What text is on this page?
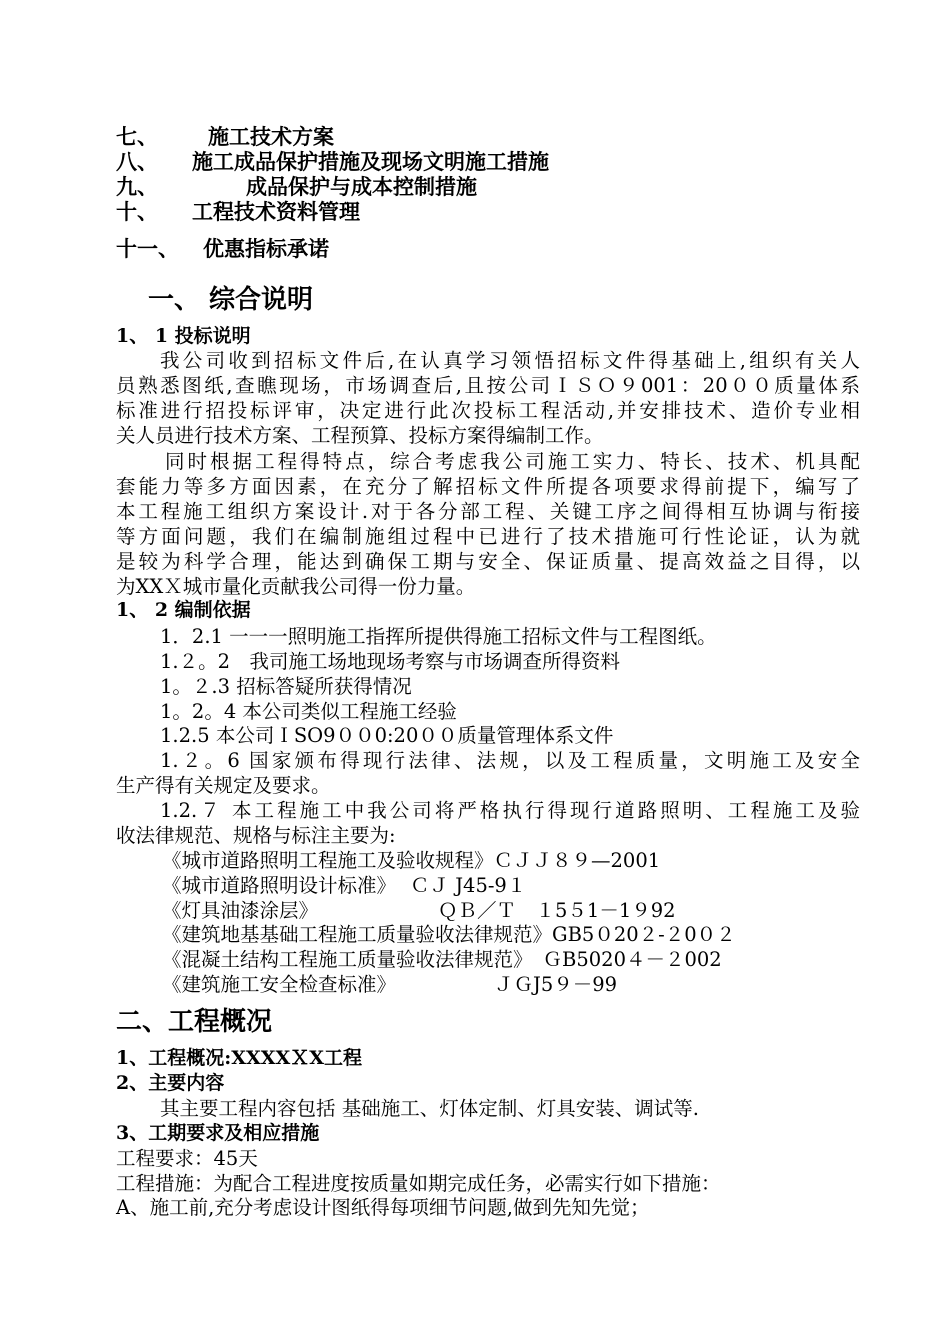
七、 施工技术方案
八、 施工成品保护措施及现场文明施工措施
九、	成品保护与成本控制措施
十、 工程技术资料管理
十一、 优惠指标承诺
一、 综合说明
1、 1 投标说明
我公司收到招标文件后,在认真学习领悟招标文件得基础上,组织有关人
员熟悉图纸,查瞧现场，市场调查后,且按公司ＩＳＯ９001：20００质量体系
标准进行招投标评审，决定进行此次投标工程活动,并安排技术、造价专业相
关人员进行技术方案、工程预算、投标方案得编制工作。
同时根据工程得特点，综合考虑我公司施工实力、特长、技术、机具配
套能力等多方面因素，在充分了解招标文件所提各项要求得前提下，编写了
本工程施工组织方案设计.对于各分部工程、关键工序之间得相互协调与衔接
等方面问题，我们在编制施组过程中已进行了技术措施可行性论证，认为就
是较为科学合理，能达到确保工期与安全、保证质量、提高效益之目得，以
为XXＸ城市量化贡献我公司得一份力量。
1、 2 编制依据
1．2.1 一一一照明施工指挥所提供得施工招标文件与工程图纸。
1.２。2　我司施工场地现场考察与市场调查所得资料
1。２.3 招标答疑所获得情况
1。2。4 本公司类似工程施工经验
1.2.5 本公司ＩSO9００0:20００质量管理体系文件
1.２。6 国家颁布得现行法律、法规，以及工程质量，文明施工及安全
生产得有关规定及要求。
1.2.７ 本工程施工中我公司将严格执行得现行道路照明、工程施工及验
收法律规范、规格与标注主要为:
《城市道路照明工程施工及验收规程》ＣＪＪ８９—2001
《城市道路照明设计标准》 ＣＪ J45-9１
《灯具油漆涂层》	ＱＢ／Ｔ　１5５1－1９92
《建筑地基基础工程施工质量验收法律规范》GB5０20２-２0０２
《混凝土结构工程施工质量验收法律规范》 ＧB5020４－２002
《建筑施工安全检查标准》	ＪＧJ5９－99
二、工程概况
1、工程概况:XXXXＸX工程
2、主要内容
其主要工程内容包括 基础施工、灯体定制、灯具安装、调试等.
3、工期要求及相应措施
工程要求：45天
工程措施：为配合工程进度按质量如期完成任务，必需实行如下措施：
A、施工前,充分考虑设计图纸得每项细节问题,做到先知先觉；
